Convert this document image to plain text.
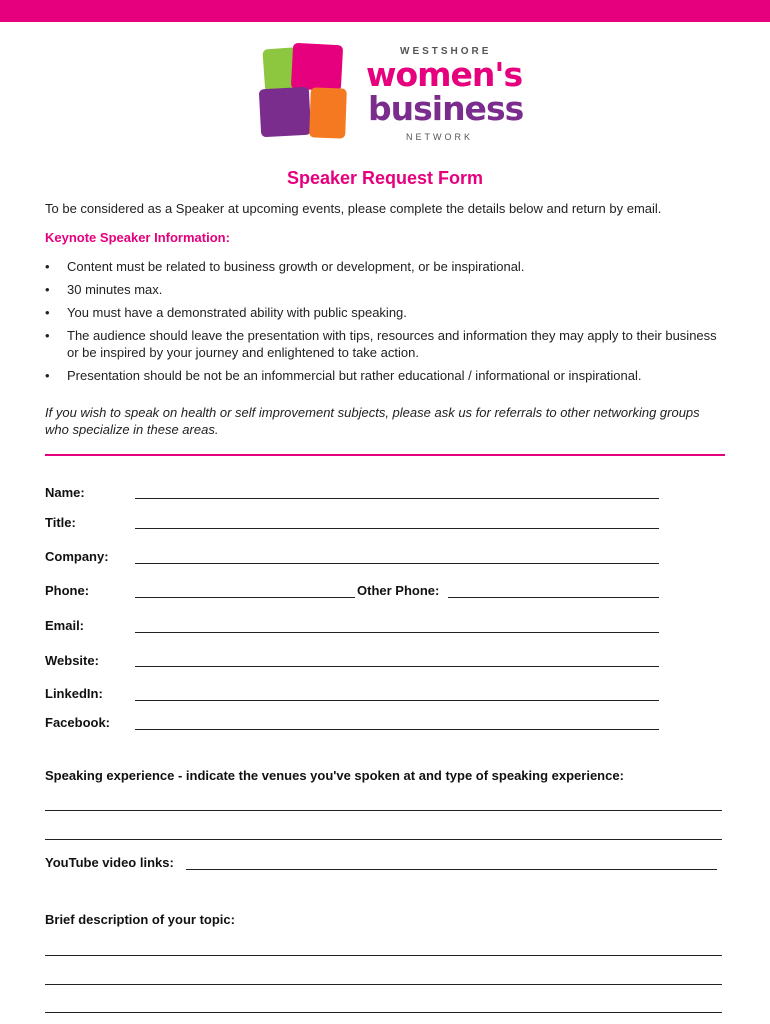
WESTSHORE
women's
business
NETWORK
Speaker Request Form
To be considered as a Speaker at upcoming events, please complete the details below and return by email.
Keynote Speaker Information:
• Content must be related to business growth or development, or be inspirational.
• 30 minutes max.
• You must have a demonstrated ability with public speaking.
• The audience should leave the presentation with tips, resources and information they may apply to their business or be inspired by your journey and enlightened to take action.
• Presentation should be not be an infommercial but rather educational / informational or inspirational.
If you wish to speak on health or self improvement subjects, please ask us for referrals to other networking groups who specialize in these areas.
Name:
Title:
Company:
Phone:	Other Phone:
Email:
Website:
LinkedIn:
Facebook:
Speaking experience - indicate the venues you've spoken at and type of speaking experience:
YouTube video links:
Brief description of your topic:
